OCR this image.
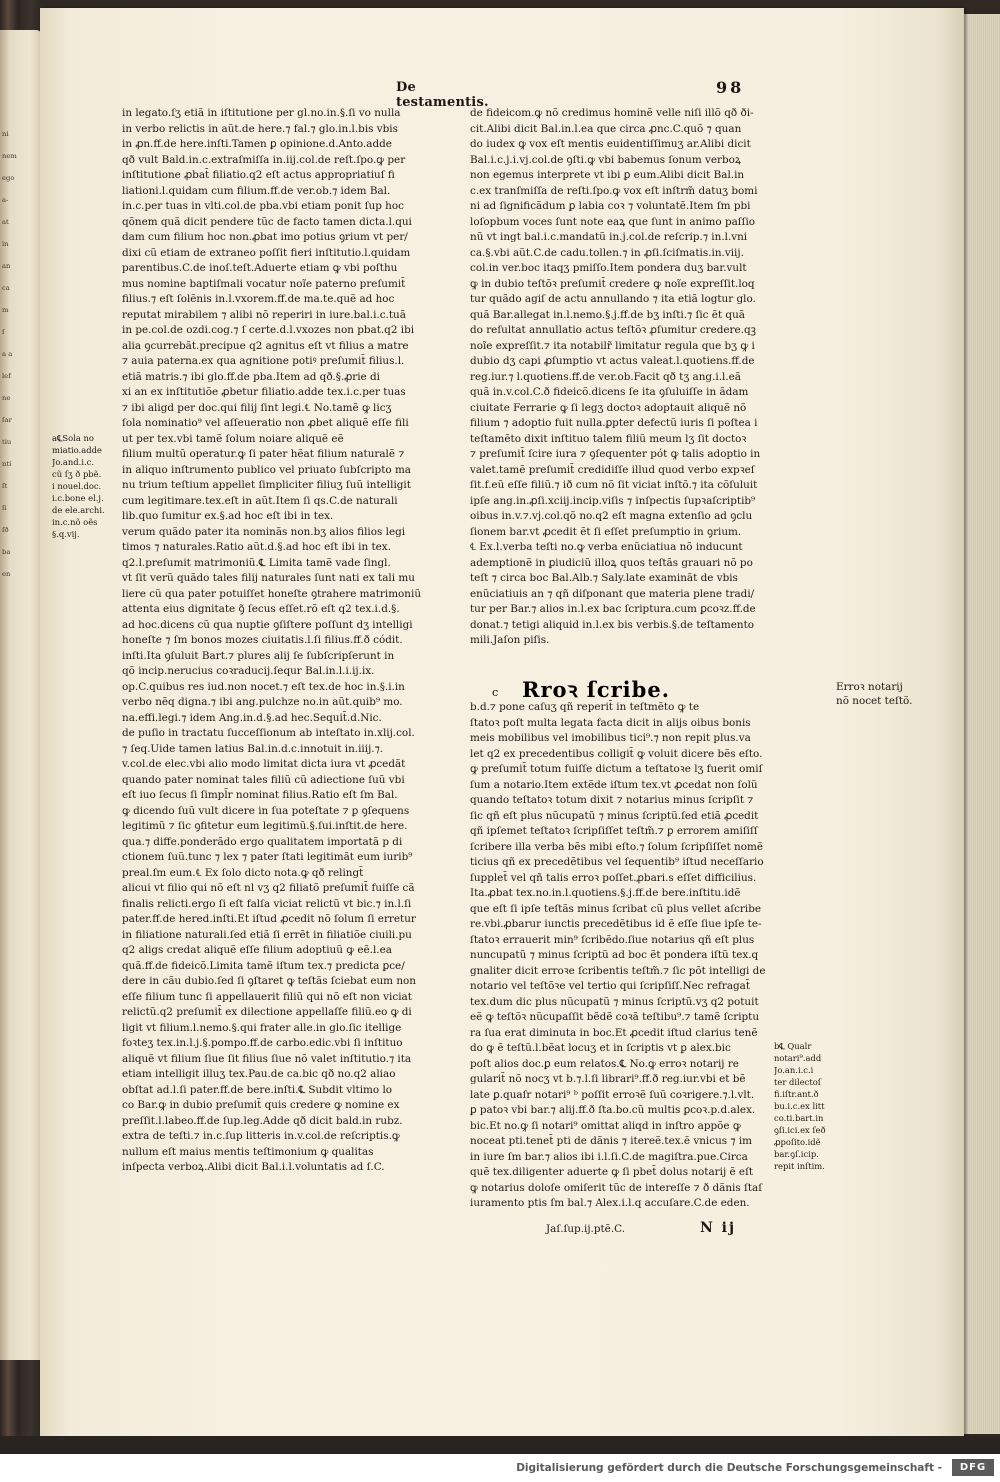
ni
nem
ego
a-
at
in
an
ca
m
ſ
a a
lef
ne
ſar
tiu
ntí
ſt
ſi
ſð
ba
en
De testamentis.
98
in legato.ſʒ etiã in iſtitutione per gl.no.in.§.ſi vo nulla
in verbo relictis in aũt.de here.⁊ fal.⁊ glo.in.l.bis vbis
in ꝓn.ff.de here.inſti.Tamen ꝑ opinione.d.Anto.adde
qð vult Bald.in.c.extraſmiſſa in.iij.col.de reſt.ſpo.ꝙ per
inſtitutione ꝓbat̄ filiatio.q2 eſt actus appropriatiuſ fi
liationi.l.quidam cum filium.ff.de ver.ob.⁊ idem Bal.
in.c.per tuas in vlti.col.de pba.vbi etiam ponit ſup hoc
qõnem quã dicit pendere tũc de facto tamen dicta.l.qui
dam cum filium hoc non.ꝓbat imo potius ꝯrium vt per/
dixi cũ etiam de extraneo poſſit fieri inſtitutio.l.quidam
parentibus.C.de inoſ.teſt.Aduerte etiam ꝙ vbi poſthu
mus nomine baptiſmali vocatur noĩe paterno preſumit̄
filius.⁊ eſt ſolẽnis in.l.vxorem.ff.de ma.te.quẽ ad hoc
reputat mirabilem ⁊ alibi nõ reperiri in iure.bal.i.c.tuã
in pe.col.de ozdi.cog.⁊ ſ certe.d.l.vxozes non pbat.q2 ibi
alia ꝯcurrebãt.precipue q2 agnitus eſt vt filius a matre
⁊ auia paterna.ex qua agnitione potiꝰ preſumit̄ filius.l.
etiã matris.⁊ ibi glo.ff.de pba.Item ad qð.§.ꝓrie di
xi an ex inſtitutiõe ꝓbetur filiatio.adde tex.i.c.per tuas
⁊ ibi aligd per doc.qui filij ſint legi.℄ No.tamẽ ꝙ licʒ
ſola nominatio⁹ vel aſſeueratio non ꝓbet aliquẽ eſſe fili
ut per tex.vbi tamẽ ſolum noiare aliquẽ eẽ
filium multũ operatur.ꝙ ſi pater hẽat filium naturalẽ ⁊
in aliquo inſtrumento publico vel priuato ſubſcripto ma
nu trium teſtium appellet ſimpliciter filiuʒ ſuũ intelligit
cum legitimare.tex.eſt in aũt.Item ſi qs.C.de naturali
lib.quo ſumitur ex.§.ad hoc eſt ibi in tex.
verum quãdo pater ita nominãs non.bʒ alios filios legi
timos ⁊ naturales.Ratio aũt.d.§.ad hoc eſt ibi in tex.
q2.l.preſumit matrimoniũ.℄ Limita tamẽ vade ſingl.
vt ſit verũ quãdo tales filij naturales ſunt nati ex tali mu
liere cũ qua pater potuiſſet honeſte ꝯtrahere matrimoniũ
attenta eius dignitate ꝯ̃ ſecus eſſet.rõ eſt q2 tex.i.d.§.
ad hoc.dicens cũ qua nuptie ꝯſiſtere poſſunt dʒ intelligi
honeſte ⁊ ſm bonos mozes ciuitatis.l.ſi filius.ff.ð códit.
inſti.Ita ꝯſuluit Bart.⁊ plures alij ſe ſubſcripſerunt in
qõ incip.nerucius coꝛraducij.ſequr Bal.in.l.i.ij.ix.
op.C.quibus res iud.non nocet.⁊ eſt tex.de hoc in.§.i.in
verbo nẽq digna.⁊ ibi ang.pulchze no.in aũt.quib⁹ mo.
na.effi.legi.⁊ idem Ang.in.d.§.ad hec.Sequit̄.d.Nic.
de puſio in tractatu ſucceſſionum ab inteſtato in.xlij.col.
⁊ ſeq.Uide tamen latius Bal.in.d.c.innotuit in.iiij.⁊.
v.col.de elec.vbi alio modo limitat dicta iura vt ꝓcedãt
quando pater nominat tales filiũ cũ adiectione ſuũ vbi
eſt iuo ſecus ſi ſimpl̄r nominat filius.Ratio eſt ſm Bal.
ꝙ dicendo ſuũ vult dicere in ſua poteſtate ⁊ ꝑ ꝯſequens
legitimũ ⁊ ſic ꝯfitetur eum legitimũ.§.ſui.inſtit.de here.
qua.⁊ diffe.ponderãdo ergo qualitatem importatã p di
ctionem ſuũ.tunc ⁊ lex ⁊ pater ſtati legitimãt eum iurib⁹
preal.ſm eum.℄ Ex ſolo dicto nota.ꝙ qð relingt̄
alicui vt filio qui nõ eſt nl vʒ q2 filiatõ preſumit̄ fuiſſe cã
finalis relicti.ergo ſi eſt falſa viciat relictũ vt bic.⁊ in.l.ſi
pater.ff.de hered.inſti.Et iſtud ꝓcedit nõ ſolum ſi erretur
in filiatione naturali.ſed etiã ſi errẽt in filiatiõe ciuili.pu
q2 aligs credat aliquẽ eſſe filium adoptiuũ ꝙ eẽ.l.ea
quã.ff.de fideicõ.Limita tamẽ iſtum tex.⁊ predicta ꝑce/
dere in cãu dubio.ſed ſi ꝯſtaret ꝙ teſtãs ſciebat eum non
eſſe filium tunc ſi appellauerit filiũ qui nõ eſt non viciat
relictũ.q2 preſumit̄ ex dilectione appellaſſe filiũ.eo ꝙ di
ligit vt filium.l.nemo.§.qui frater alle.in glo.ſic itellige
foꝛteʒ tex.in.l.j.§.pompo.ff.de carbo.edic.vbi ſi inſtituo
aliquẽ vt filium ſiue ſit filius ſiue nõ valet inſtitutio.⁊ ita
etiam intelligit illuʒ tex.Pau.de ca.bic qð no.q2 aliao
obſtat ad.l.ſi pater.ff.de bere.inſti.℄ Subdit vltimo lo
co Bar.ꝙ in dubio preſumit̄ quis credere ꝙ nomine ex
preſſit.l.labeo.ff.de ſup.leg.Adde qð dicit bald.in rubz.
extra de teſti.⁊ in.c.ſup litteris in.v.col.de reſcriptis.ꝙ
nullum eſt maius mentis teſtimonium ꝙ qualitas
inſpecta verboꝝ.Alibi dicit Bal.i.l.voluntatis ad ſ.C.
de fideicom.ꝙ nõ credimus hominẽ velle niſi illõ qð ði-
cit.Alibi dicit Bal.in.l.ea que circa ꝓnc.C.quõ ⁊ quan
do iudex ꝙ vox eſt mentis euidentiſſimuʒ ar.Alibi dicit
Bal.i.c.j.i.vj.col.de ꝯſti.ꝙ vbi babemus ſonum verboꝝ
non egemus interprete vt ibi ꝑ eum.Alibi dicit Bal.in
c.ex tranſmiſſa de reſti.ſpo.ꝙ vox eſt inſtrm̃ datuʒ bomi
ni ad ſignificãdum ꝑ labia coꝛ ⁊ voluntatẽ.Item ſm pbi
loſopbum voces ſunt note eaꝝ que ſunt in animo paſſio
nũ vt ingt bal.i.c.mandatũ in.j.col.de reſcrip.⁊ in.l.vni
ca.§.vbi aũt.C.de cadu.tollen.⁊ in ꝓſi.ſciſmatis.in.viij.
col.in ver.boc itaqʒ pmiſſo.Item pondera duʒ bar.vult
ꝙ in dubio teſtõꝛ preſumit̄ credere ꝙ noĩe expreſſit.loq
tur quãdo agiſ de actu annullando ⁊ ita etiã logtur glo.
quã Bar.allegat in.l.nemo.§.j.ff.de bʒ inſti.⁊ ſic ẽt quã
do reſultat annullatio actus teſtõꝛ ꝓſumitur credere.qꝫ
noĩe expreſſit.⁊ ita notabilr̃ limitatur regula que bʒ ꝙ i
dubio dʒ capi ꝓſumptio vt actus valeat.l.quotiens.ff.de
reg.iur.⁊ l.quotiens.ff.de ver.ob.Facit qð tʒ ang.i.l.eã
quã in.v.col.C.ð fideicõ.dicens ſe ita ꝯſuluiſſe in ãdam
ciuitate Ferrarie ꝙ ſi legʒ doctoꝛ adoptauit aliquẽ nõ
filium ⁊ adoptio fuit nulla.ꝑpter defectũ iuris ſi poſtea i
teſtamẽto dixit inſtituo talem filiũ meum lʒ ſit doctoꝛ
⁊ preſumit̄ ſcire iura ⁊ ꝯſequenter pót ꝙ talis adoptio in
valet.tamẽ preſumit̄ credidiſſe illud quod verbo expꝛeſ
ſit.f.eũ eſſe filiũ.⁊ ið cum nõ ſit viciat inſtõ.⁊ ita cõſuluit
ipſe ang.in.ꝓſi.xciij.incip.viſis ⁊ inſpectis ſupꝛaſcriptib⁹
oibus in.v.⁊.vj.col.qõ no.q2 eſt magna extenſio ad ꝯclu
ſionem bar.vt ꝓcedit ẽt ſi eſſet preſumptio in ꝯrium.
℄ Ex.l.verba teſti no.ꝙ verba enũciatiua nõ inducunt
ademptionẽ in ꝑiudiciũ illoꝝ quos teſtãs grauari nõ po
teſt ⁊ circa boc Bal.Alb.⁊ Saly.late examinãt de vbis
enũciatiuis an ⁊ qñ diſponant que materia plene tradi/
tur per Bar.⁊ alios in.l.ex bac ſcriptura.cum ꝑcoꝛz.ff.de
donat.⁊ tetigi aliquid in.l.ex bis verbis.§.de teſtamento
mili.Jaſon piſis.
c Rroꝛ ſcribe.	Erroꝛ notarij
nõ nocet teſtõ.
b.d.⁊ pone caſuʒ qñ reperit̄ in teſtmẽto ꝙ te
ſtatoꝛ poſt multa legata facta dicit in alijs oibus bonis
meis mobilibus vel imobilibus tici⁹.⁊ non repit plus.va
let q2 ex precedentibus colligit̄ ꝙ voluit dicere bẽs eſto.
ꝙ preſumit̄ totum fuiſſe dictum a teſtatoꝛe lʒ fuerit omiſ
ſum a notario.Item extẽde iſtum tex.vt ꝓcedat non ſolũ
quando teſtatoꝛ totum dixit ⁊ notarius minus ſcripſit ⁊
ſic qñ eſt plus nũcupatũ ⁊ minus ſcriptũ.ſed etiã ꝓcedit
qñ ipſemet teſtatoꝛ ſcripſiſſet teſtm̃.⁊ ꝑ errorem amiſiſſ
ſcribere illa verba bẽs mibi eſto.⁊ ſolum ſcripſiſſet nomẽ
ticius qñ ex precedẽtibus vel ſequentib⁹ iſtud neceſſario
ſupplet̄ vel qñ talis erroꝛ poſſet.ꝓbari.s eſſet difficilius.
Ita.ꝓbat tex.no.in.l.quotiens.§.j.ff.de bere.inſtitu.idẽ
que eſt ſi ipſe teſtãs minus ſcribat cũ plus vellet aſcribe
re.vbi.ꝓbarur iunctis precedẽtibus id ẽ eſſe ſiue ipſe te-
ſtatoꝛ errauerit min⁹ ſcribẽdo.ſiue notarius qñ eſt plus
nuncupatũ ⁊ minus ſcriptũ ad boc ẽt pondera iſtũ tex.q
gnaliter dicit erroꝛe ſcribentis teſtm̃.⁊ ſic põt intelligi de
notario vel teſtõꝛe vel tertio qui ſcripſiſſ.Nec refragat̄
tex.dum dic plus nũcupatũ ⁊ minus ſcriptũ.vʒ q2 potuit
eẽ ꝙ teſtõꝛ nũcupaſſit bẽdẽ coꝛã teſtibu⁹.⁊ tamẽ ſcriptu
ra ſua erat diminuta in boc.Et ꝓcedit iſtud clarius tenẽ
do ꝙ ẽ teſtũ.l.bẽat locuʒ et in ſcriptis vt ꝑ alex.bic
poſt alios doc.ꝑ eum relatos.℄ No.ꝙ erroꝛ notarij re
gularit̄ nõ nocʒ vt b.⁊.l.ſi librari⁹.ff.ð reg.iur.vbi et bẽ
late ꝑ.quaſr notari⁹ ᵇ poſſit erroꝛẽ ſuũ coꝛrigere.⁊.l.vlt.
ꝑ patoꝛ vbi bar.⁊ alij.ff.ð ſta.bo.cũ multis ꝑcoꝛ.p.d.alex.
bic.Et no.ꝙ ſi notari⁹ omittat aliqd in inſtro appõe ꝙ
noceat pti.tenet̄ pti de dãnis ⁊ itereẽ.tex.ẽ vnicus ⁊ im
in iure ſm bar.⁊ alios ibi i.l.ſi.C.de magiſtra.pue.Circa
quẽ tex.diligenter aduerte ꝙ ſi pbet̄ dolus notarij ẽ eſt
ꝙ notarius doloſe omiſerit tũc de intereſſe ⁊ ð dãnis ſtaſ
iuramento ptis ſm bal.⁊ Alex.i.l.q accuſare.C.de eden.
Jaſ.ſup.ij.ptẽ.C.	N ij
a℄Sola no
miatio.adde
Jo.and.i.c.
cũ ſʒ ð pbẽ.
i nouel.doc.
i.c.bone el.j.
de ele.archi.
in.c.nõ oẽs
§.q.vij.
b℄ Qualr
notari⁹.add
Jo.an.i.c.i
ter dilectoſ
fi.iſtr.ant.ð
bu.i.c.ex litt
co.ti.bart.in
ꝯſi.ici.ex ſeð
ꝓpoſito.idẽ
bar.ꝯſ.icip.
repit inſtim.
Digitalisierung gefördert durch die Deutsche Forschungsgemeinschaft -	DFG
